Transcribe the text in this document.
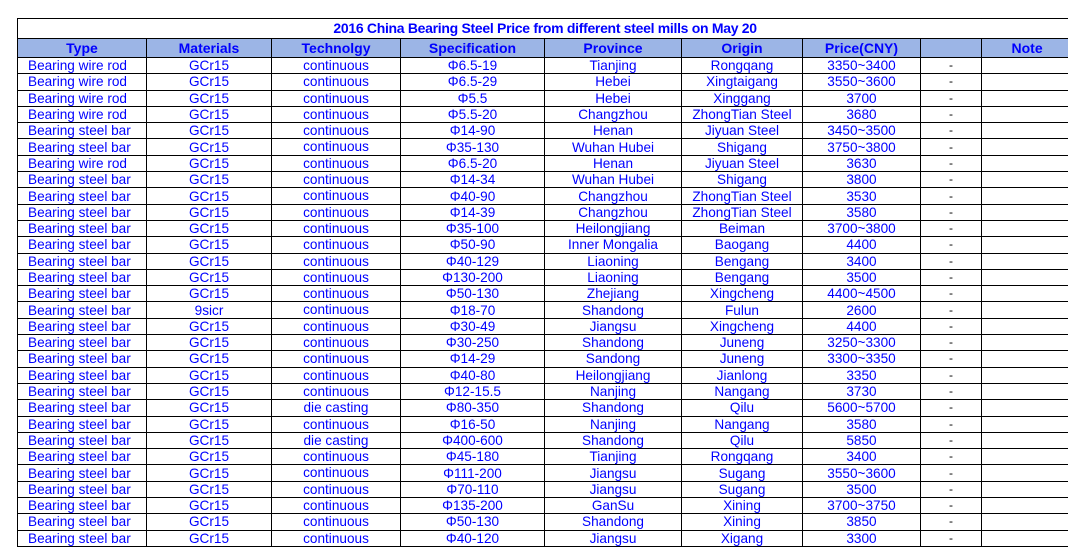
2016 China Bearing Steel Price from different steel mills on May 20								
Type	Materials	Technolgy	Specification	Province	Origin	Price(CNY)		Note
Bearing wire rod	GCr15	continuous	Φ6.5-19	Tianjing	Rongqang	3350~3400	-	
Bearing wire rod	GCr15	continuous	Φ6.5-29	Hebei	Xingtaigang	3550~3600	-	
Bearing wire rod	GCr15	continuous	Φ5.5	Hebei	Xinggang	3700	-	
Bearing wire rod	GCr15	continuous	Φ5.5-20	Changzhou	ZhongTian Steel	3680	-	
Bearing steel bar	GCr15	continuous	Φ14-90	Henan	Jiyuan Steel	3450~3500	-	
Bearing steel bar	GCr15	continuous	Φ35-130	Wuhan Hubei	Shigang	3750~3800	-	
Bearing wire rod	GCr15	continuous	Φ6.5-20	Henan	Jiyuan Steel	3630	-	
Bearing steel bar	GCr15	continuous	Φ14-34	Wuhan Hubei	Shigang	3800	-	
Bearing steel bar	GCr15	continuous	Φ40-90	Changzhou	ZhongTian Steel	3530	-	
Bearing steel bar	GCr15	continuous	Φ14-39	Changzhou	ZhongTian Steel	3580	-	
Bearing steel bar	GCr15	continuous	Φ35-100	Heilongjiang	Beiman	3700~3800	-	
Bearing steel bar	GCr15	continuous	Φ50-90	Inner Mongalia	Baogang	4400	-	
Bearing steel bar	GCr15	continuous	Φ40-129	Liaoning	Bengang	3400	-	
Bearing steel bar	GCr15	continuous	Φ130-200	Liaoning	Bengang	3500	-	
Bearing steel bar	GCr15	continuous	Φ50-130	Zhejiang	Xingcheng	4400~4500	-	
Bearing steel bar	9sicr	continuous	Φ18-70	Shandong	Fulun	2600	-	
Bearing steel bar	GCr15	continuous	Φ30-49	Jiangsu	Xingcheng	4400	-	
Bearing steel bar	GCr15	continuous	Φ30-250	Shandong	Juneng	3250~3300	-	
Bearing steel bar	GCr15	continuous	Φ14-29	Sandong	Juneng	3300~3350	-	
Bearing steel bar	GCr15	continuous	Φ40-80	Heilongjiang	Jianlong	3350	-	
Bearing steel bar	GCr15	continuous	Φ12-15.5	Nanjing	Nangang	3730	-	
Bearing steel bar	GCr15	die casting	Φ80-350	Shandong	Qilu	5600~5700	-	
Bearing steel bar	GCr15	continuous	Φ16-50	Nanjing	Nangang	3580	-	
Bearing steel bar	GCr15	die casting	Φ400-600	Shandong	Qilu	5850	-	
Bearing steel bar	GCr15	continuous	Φ45-180	Tianjing	Rongqang	3400	-	
Bearing steel bar	GCr15	continuous	Φ111-200	Jiangsu	Sugang	3550~3600	-	
Bearing steel bar	GCr15	continuous	Φ70-110	Jiangsu	Sugang	3500	-	
Bearing steel bar	GCr15	continuous	Φ135-200	GanSu	Xining	3700~3750	-	
Bearing steel bar	GCr15	continuous	Φ50-130	Shandong	Xining	3850	-	
Bearing steel bar	GCr15	continuous	Φ40-120	Jiangsu	Xigang	3300	-	
